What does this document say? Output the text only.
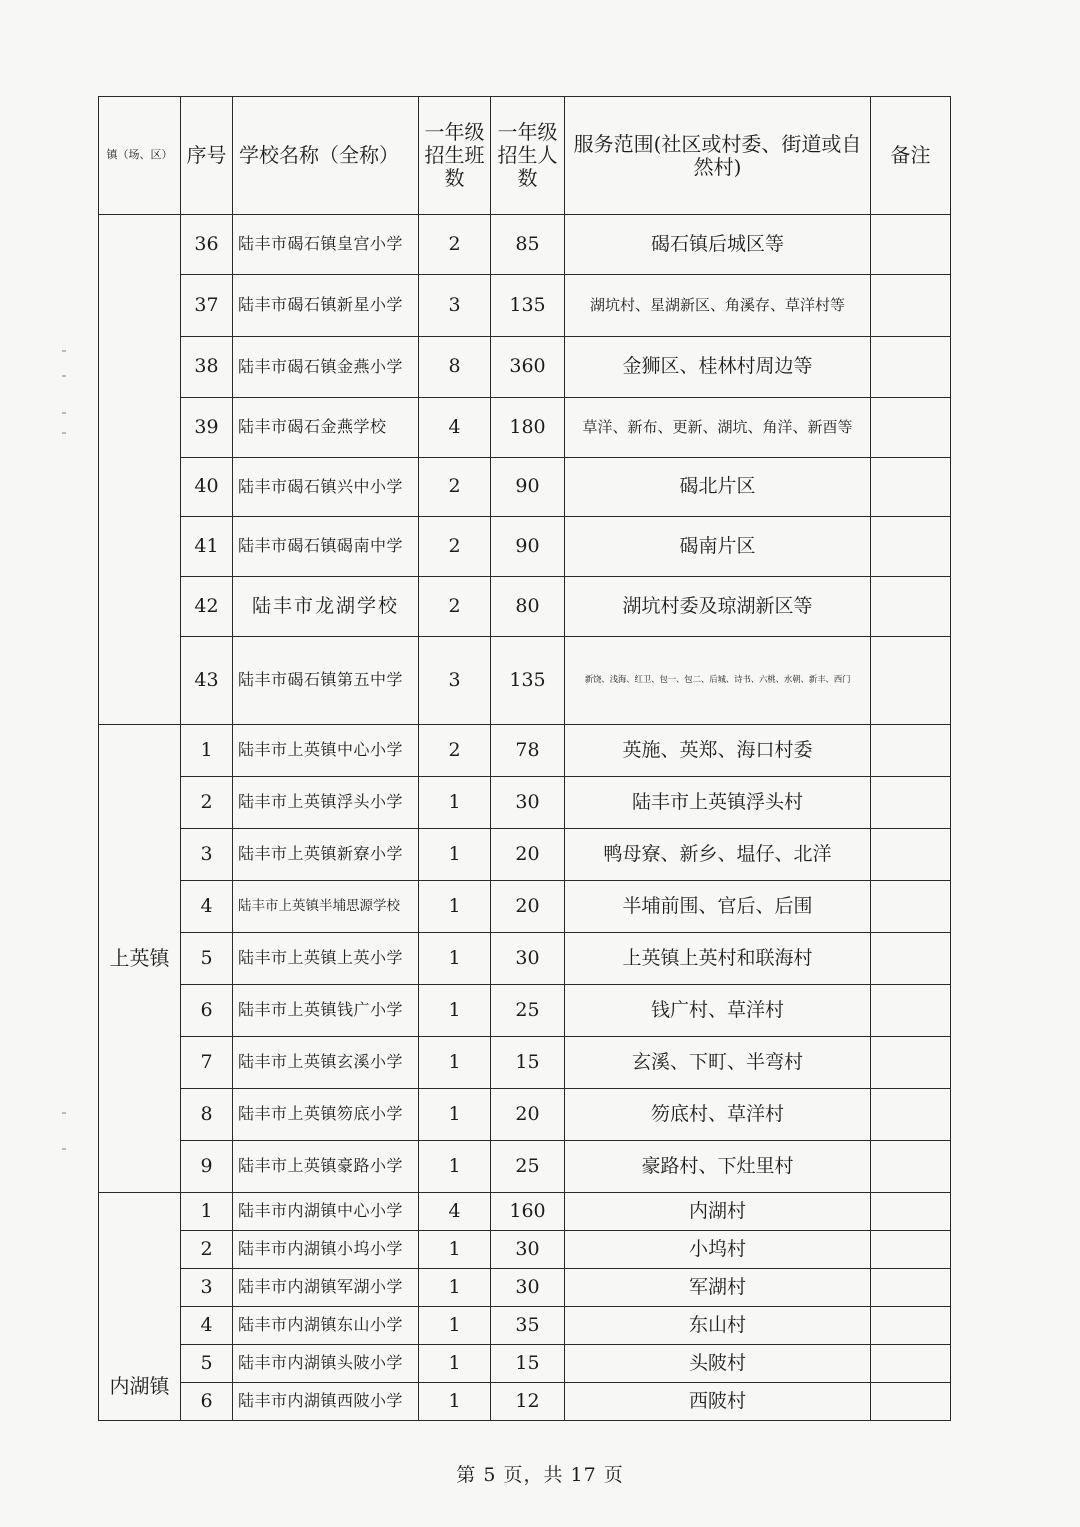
镇（场、区）	序号	学校名称（全称）	一年级招生班数	一年级招生人数	服务范围(社区或村委、街道或自然村)	备注
	36	陆丰市碣石镇皇宫小学	2	85	碣石镇后城区等	
	37	陆丰市碣石镇新星小学	3	135	湖坑村、星湖新区、角溪存、草洋村等	
	38	陆丰市碣石镇金燕小学	8	360	金狮区、桂林村周边等	
	39	陆丰市碣石金燕学校	4	180	草洋、新布、更新、湖坑、角洋、新酉等	
	40	陆丰市碣石镇兴中小学	2	90	碣北片区	
	41	陆丰市碣石镇碣南中学	2	90	碣南片区	
	42	陆丰市龙湖学校	2	80	湖坑村委及琼湖新区等	
	43	陆丰市碣石镇第五中学	3	135	新饶、浅海、红卫、包一、包二、后城、诗书、六桃、水朝、新丰、西门	
上英镇	1	陆丰市上英镇中心小学	2	78	英施、英郑、海口村委	
	2	陆丰市上英镇浮头小学	1	30	陆丰市上英镇浮头村	
	3	陆丰市上英镇新寮小学	1	20	鸭母寮、新乡、塭仔、北洋	
	4	陆丰市上英镇半埔思源学校	1	20	半埔前围、官后、后围	
	5	陆丰市上英镇上英小学	1	30	上英镇上英村和联海村	
	6	陆丰市上英镇钱广小学	1	25	钱广村、草洋村	
	7	陆丰市上英镇玄溪小学	1	15	玄溪、下町、半弯村	
	8	陆丰市上英镇笏底小学	1	20	笏底村、草洋村	
	9	陆丰市上英镇豪路小学	1	25	豪路村、下灶里村	
内湖镇	1	陆丰市内湖镇中心小学	4	160	内湖村	
	2	陆丰市内湖镇小坞小学	1	30	小坞村	
	3	陆丰市内湖镇军湖小学	1	30	军湖村	
	4	陆丰市内湖镇东山小学	1	35	东山村	
	5	陆丰市内湖镇头陂小学	1	15	头陂村	
	6	陆丰市内湖镇西陂小学	1	12	西陂村	
第 5 页，共 17 页
